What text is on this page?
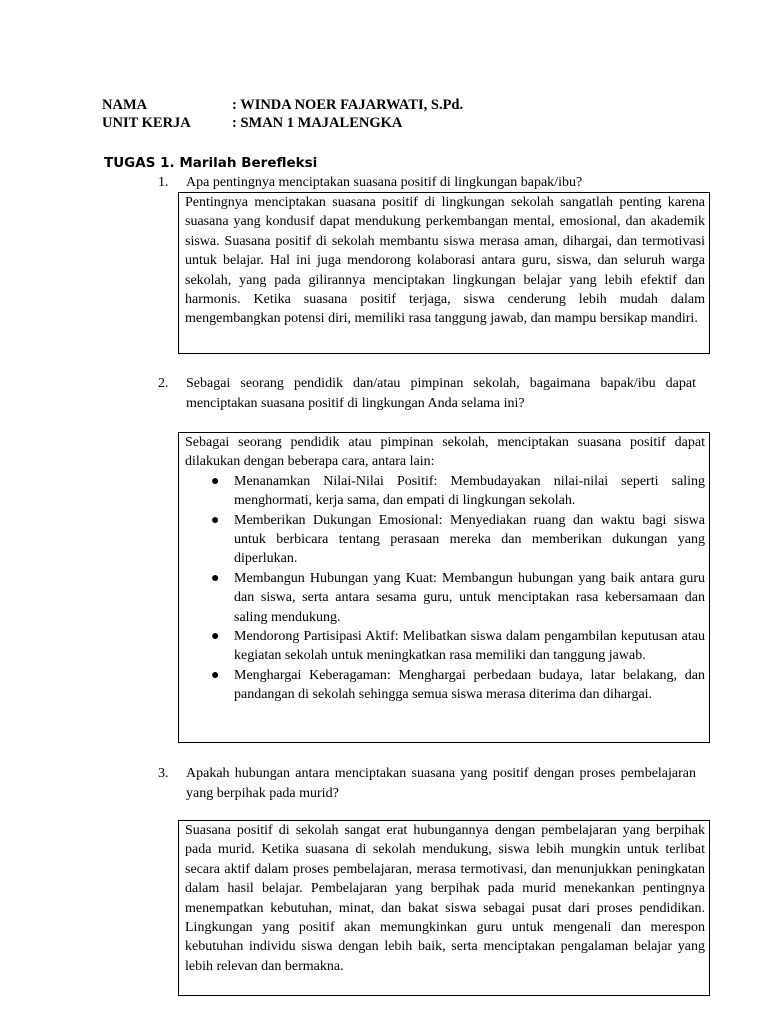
NAMA	: WINDA NOER FAJARWATI, S.Pd.
UNIT KERJA	: SMAN 1 MAJALENGKA
TUGAS 1. Marilah Berefleksi
1. Apa pentingnya menciptakan suasana positif di lingkungan bapak/ibu?

Pentingnya menciptakan suasana positif di lingkungan sekolah sangatlah penting karena suasana yang kondusif dapat mendukung perkembangan mental, emosional, dan akademik siswa. Suasana positif di sekolah membantu siswa merasa aman, dihargai, dan termotivasi untuk belajar. Hal ini juga mendorong kolaborasi antara guru, siswa, dan seluruh warga sekolah, yang pada gilirannya menciptakan lingkungan belajar yang lebih efektif dan harmonis. Ketika suasana positif terjaga, siswa cenderung lebih mudah dalam mengembangkan potensi diri, memiliki rasa tanggung jawab, dan mampu bersikap mandiri.

2. Sebagai seorang pendidik dan/atau pimpinan sekolah, bagaimana bapak/ibu dapat menciptakan suasana positif di lingkungan Anda selama ini?

Sebagai seorang pendidik atau pimpinan sekolah, menciptakan suasana positif dapat dilakukan dengan beberapa cara, antara lain:

● Menanamkan Nilai-Nilai Positif: Membudayakan nilai-nilai seperti saling menghormati, kerja sama, dan empati di lingkungan sekolah.
● Memberikan Dukungan Emosional: Menyediakan ruang dan waktu bagi siswa untuk berbicara tentang perasaan mereka dan memberikan dukungan yang diperlukan.
● Membangun Hubungan yang Kuat: Membangun hubungan yang baik antara guru dan siswa, serta antara sesama guru, untuk menciptakan rasa kebersamaan dan saling mendukung.
● Mendorong Partisipasi Aktif: Melibatkan siswa dalam pengambilan keputusan atau kegiatan sekolah untuk meningkatkan rasa memiliki dan tanggung jawab.
● Menghargai Keberagaman: Menghargai perbedaan budaya, latar belakang, dan pandangan di sekolah sehingga semua siswa merasa diterima dan dihargai.
3. Apakah hubungan antara menciptakan suasana yang positif dengan proses pembelajaran yang berpihak pada murid?

Suasana positif di sekolah sangat erat hubungannya dengan pembelajaran yang berpihak pada murid. Ketika suasana di sekolah mendukung, siswa lebih mungkin untuk terlibat secara aktif dalam proses pembelajaran, merasa termotivasi, dan menunjukkan peningkatan dalam hasil belajar. Pembelajaran yang berpihak pada murid menekankan pentingnya menempatkan kebutuhan, minat, dan bakat siswa sebagai pusat dari proses pendidikan. Lingkungan yang positif akan memungkinkan guru untuk mengenali dan merespon kebutuhan individu siswa dengan lebih baik, serta menciptakan pengalaman belajar yang lebih relevan dan bermakna.
